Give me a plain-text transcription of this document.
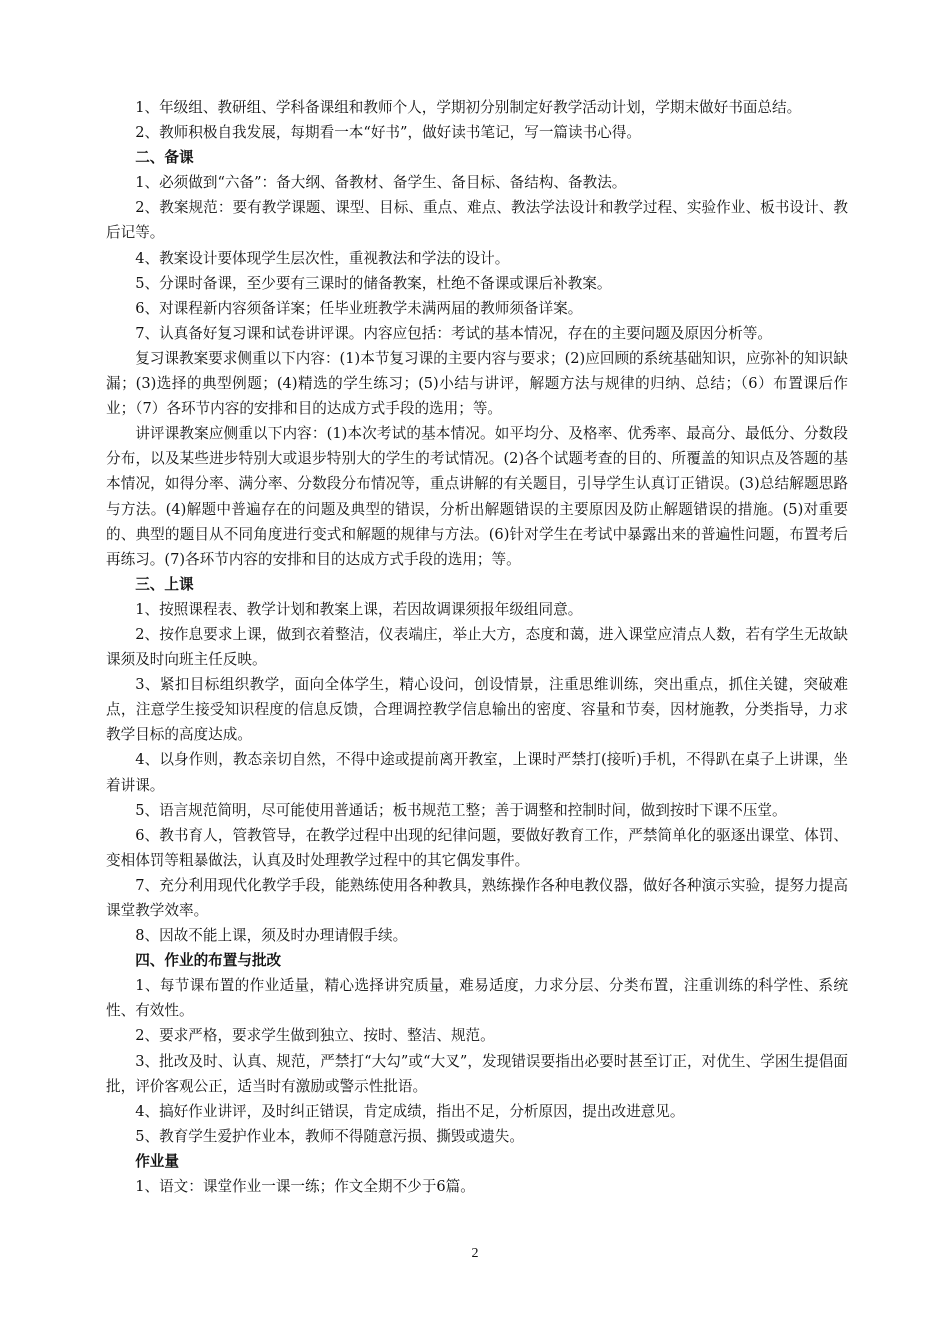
1、年级组、教研组、学科备课组和教师个人，学期初分别制定好教学活动计划，学期末做好书面总结。

2、教师积极自我发展，每期看一本“好书”，做好读书笔记，写一篇读书心得。

二、备课

1、必须做到“六备”：备大纲、备教材、备学生、备目标、备结构、备教法。

2、教案规范：要有教学课题、课型、目标、重点、难点、教法学法设计和教学过程、实验作业、板书设计、教后记等。

4、教案设计要体现学生层次性，重视教法和学法的设计。

5、分课时备课，至少要有三课时的储备教案，杜绝不备课或课后补教案。

6、对课程新内容须备详案；任毕业班教学未满两届的教师须备详案。

7、认真备好复习课和试卷讲评课。内容应包括：考试的基本情况，存在的主要问题及原因分析等。

复习课教案要求侧重以下内容：(1)本节复习课的主要内容与要求；(2)应回顾的系统基础知识，应弥补的知识缺漏；(3)选择的典型例题；(4)精选的学生练习；(5)小结与讲评，解题方法与规律的归纳、总结；（6）布置课后作业；（7）各环节内容的安排和目的达成方式手段的选用；等。

讲评课教案应侧重以下内容：(1)本次考试的基本情况。如平均分、及格率、优秀率、最高分、最低分、分数段分布，以及某些进步特别大或退步特别大的学生的考试情况。(2)各个试题考查的目的、所覆盖的知识点及答题的基本情况，如得分率、满分率、分数段分布情况等，重点讲解的有关题目，引导学生认真订正错误。(3)总结解题思路与方法。(4)解题中普遍存在的问题及典型的错误，分析出解题错误的主要原因及防止解题错误的措施。(5)对重要的、典型的题目从不同角度进行变式和解题的规律与方法。(6)针对学生在考试中暴露出来的普遍性问题，布置考后再练习。(7)各环节内容的安排和目的达成方式手段的选用；等。

三、上课

1、按照课程表、教学计划和教案上课，若因故调课须报年级组同意。

2、按作息要求上课，做到衣着整洁，仪表端庄，举止大方，态度和蔼，进入课堂应清点人数，若有学生无故缺课须及时向班主任反映。

3、紧扣目标组织教学，面向全体学生，精心设问，创设情景，注重思维训练，突出重点，抓住关键，突破难点，注意学生接受知识程度的信息反馈，合理调控教学信息输出的密度、容量和节奏，因材施教，分类指导，力求教学目标的高度达成。

4、以身作则，教态亲切自然，不得中途或提前离开教室，上课时严禁打(接听)手机，不得趴在桌子上讲课，坐着讲课。

5、语言规范简明，尽可能使用普通话；板书规范工整；善于调整和控制时间，做到按时下课不压堂。

6、教书育人，管教管导，在教学过程中出现的纪律问题，要做好教育工作，严禁简单化的驱逐出课堂、体罚、变相体罚等粗暴做法，认真及时处理教学过程中的其它偶发事件。

7、充分利用现代化教学手段，能熟练使用各种教具，熟练操作各种电教仪器，做好各种演示实验，提努力提高课堂教学效率。

8、因故不能上课，须及时办理请假手续。

四、作业的布置与批改

1、每节课布置的作业适量，精心选择讲究质量，难易适度，力求分层、分类布置，注重训练的科学性、系统性、有效性。

2、要求严格，要求学生做到独立、按时、整洁、规范。

3、批改及时、认真、规范，严禁打“大勾”或“大叉”，发现错误要指出必要时甚至订正，对优生、学困生提倡面批，评价客观公正，适当时有激励或警示性批语。

4、搞好作业讲评，及时纠正错误，肯定成绩，指出不足，分析原因，提出改进意见。

5、教育学生爱护作业本，教师不得随意污损、撕毁或遗失。

作业量

1、语文：课堂作业一课一练；作文全期不少于6篇。

2
